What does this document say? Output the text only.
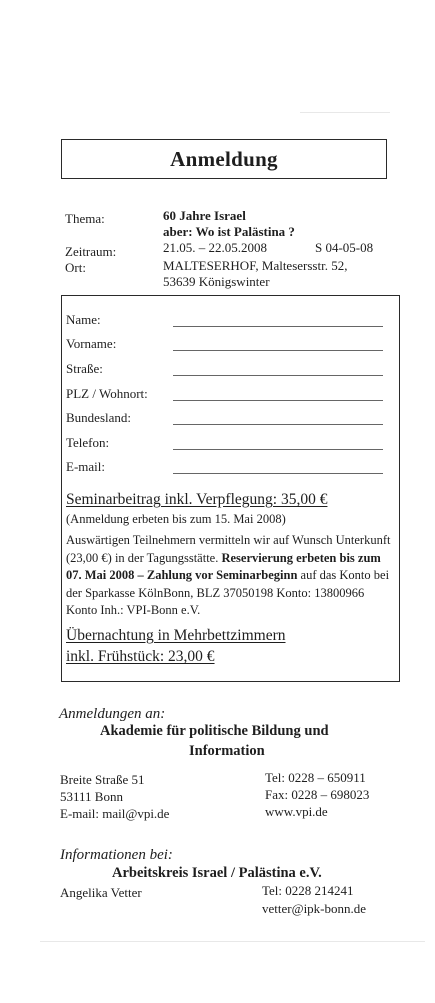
Anmeldung
Thema:	60 Jahre Israel
aber: Wo ist Palästina ?
Zeitraum:	21.05. – 22.05.2008	S 04-05-08
Ort:	MALTESERHOF, Maltesersstr. 52,
53639 Königswinter
Name:
Vorname:
Straße:
PLZ / Wohnort:
Bundesland:
Telefon:
E-mail:
Seminarbeitrag inkl. Verpflegung: 35,00 €
(Anmeldung erbeten bis zum 15. Mai 2008)
Auswärtigen Teilnehmern vermitteln wir auf Wunsch Unterkunft (23,00 €) in der Tagungsstätte. Reservierung erbeten bis zum 07. Mai 2008 – Zahlung vor Seminarbeginn auf das Konto bei der Sparkasse KölnBonn, BLZ 37050198 Konto: 13800966 Konto Inh.: VPI-Bonn e.V.
Übernachtung in Mehrbettzimmern
inkl. Frühstück: 23,00 €
Anmeldungen an:
Akademie für politische Bildung und
Information
Breite Straße 51
53111 Bonn
E-mail: mail@vpi.de
Tel: 0228 – 650911
Fax: 0228 – 698023
www.vpi.de
Informationen bei:
Arbeitskreis Israel / Palästina e.V.
Angelika Vetter	Tel: 0228 214241
vetter@ipk-bonn.de
